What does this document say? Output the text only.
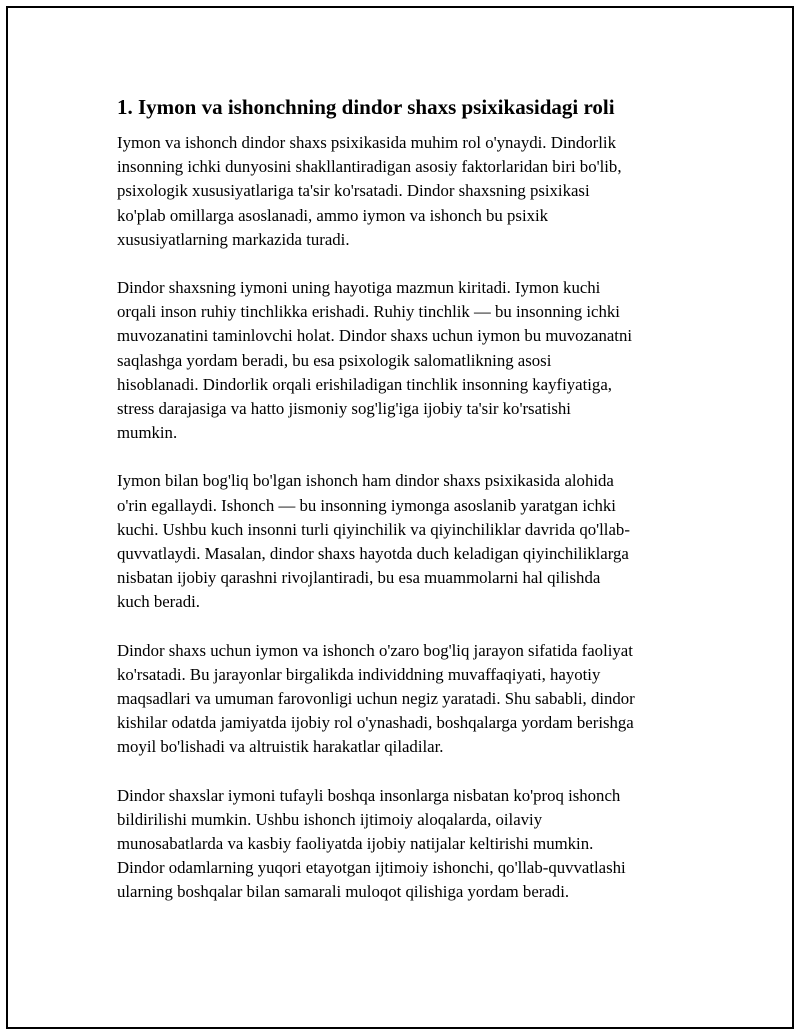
1. Iymon va ishonchning dindor shaxs psixikasidagi roli

Iymon va ishonch dindor shaxs psixikasida muhim rol o'ynaydi. Dindorlik
insonning ichki dunyosini shakllantiradigan asosiy faktorlaridan biri bo'lib,
psixologik xususiyatlariga ta'sir ko'rsatadi. Dindor shaxsning psixikasi
ko'plab omillarga asoslanadi, ammo iymon va ishonch bu psixik
xususiyatlarning markazida turadi.

Dindor shaxsning iymoni uning hayotiga mazmun kiritadi. Iymon kuchi
orqali inson ruhiy tinchlikka erishadi. Ruhiy tinchlik — bu insonning ichki
muvozanatini taminlovchi holat. Dindor shaxs uchun iymon bu muvozanatni
saqlashga yordam beradi, bu esa psixologik salomatlikning asosi
hisoblanadi. Dindorlik orqali erishiladigan tinchlik insonning kayfiyatiga,
stress darajasiga va hatto jismoniy sog'lig'iga ijobiy ta'sir ko'rsatishi
mumkin.

Iymon bilan bog'liq bo'lgan ishonch ham dindor shaxs psixikasida alohida
o'rin egallaydi. Ishonch — bu insonning iymonga asoslanib yaratgan ichki
kuchi. Ushbu kuch insonni turli qiyinchilik va qiyinchiliklar davrida qo'llab-
quvvatlaydi. Masalan, dindor shaxs hayotda duch keladigan qiyinchiliklarga
nisbatan ijobiy qarashni rivojlantiradi, bu esa muammolarni hal qilishda
kuch beradi.

Dindor shaxs uchun iymon va ishonch o'zaro bog'liq jarayon sifatida faoliyat
ko'rsatadi. Bu jarayonlar birgalikda individdning muvaffaqiyati, hayotiy
maqsadlari va umuman farovonligi uchun negiz yaratadi. Shu sababli, dindor
kishilar odatda jamiyatda ijobiy rol o'ynashadi, boshqalarga yordam berishga
moyil bo'lishadi va altruistik harakatlar qiladilar.

Dindor shaxslar iymoni tufayli boshqa insonlarga nisbatan ko'proq ishonch
bildirilishi mumkin. Ushbu ishonch ijtimoiy aloqalarda, oilaviy
munosabatlarda va kasbiy faoliyatda ijobiy natijalar keltirishi mumkin.
Dindor odamlarning yuqori etayotgan ijtimoiy ishonchi, qo'llab-quvvatlashi
ularning boshqalar bilan samarali muloqot qilishiga yordam beradi.
